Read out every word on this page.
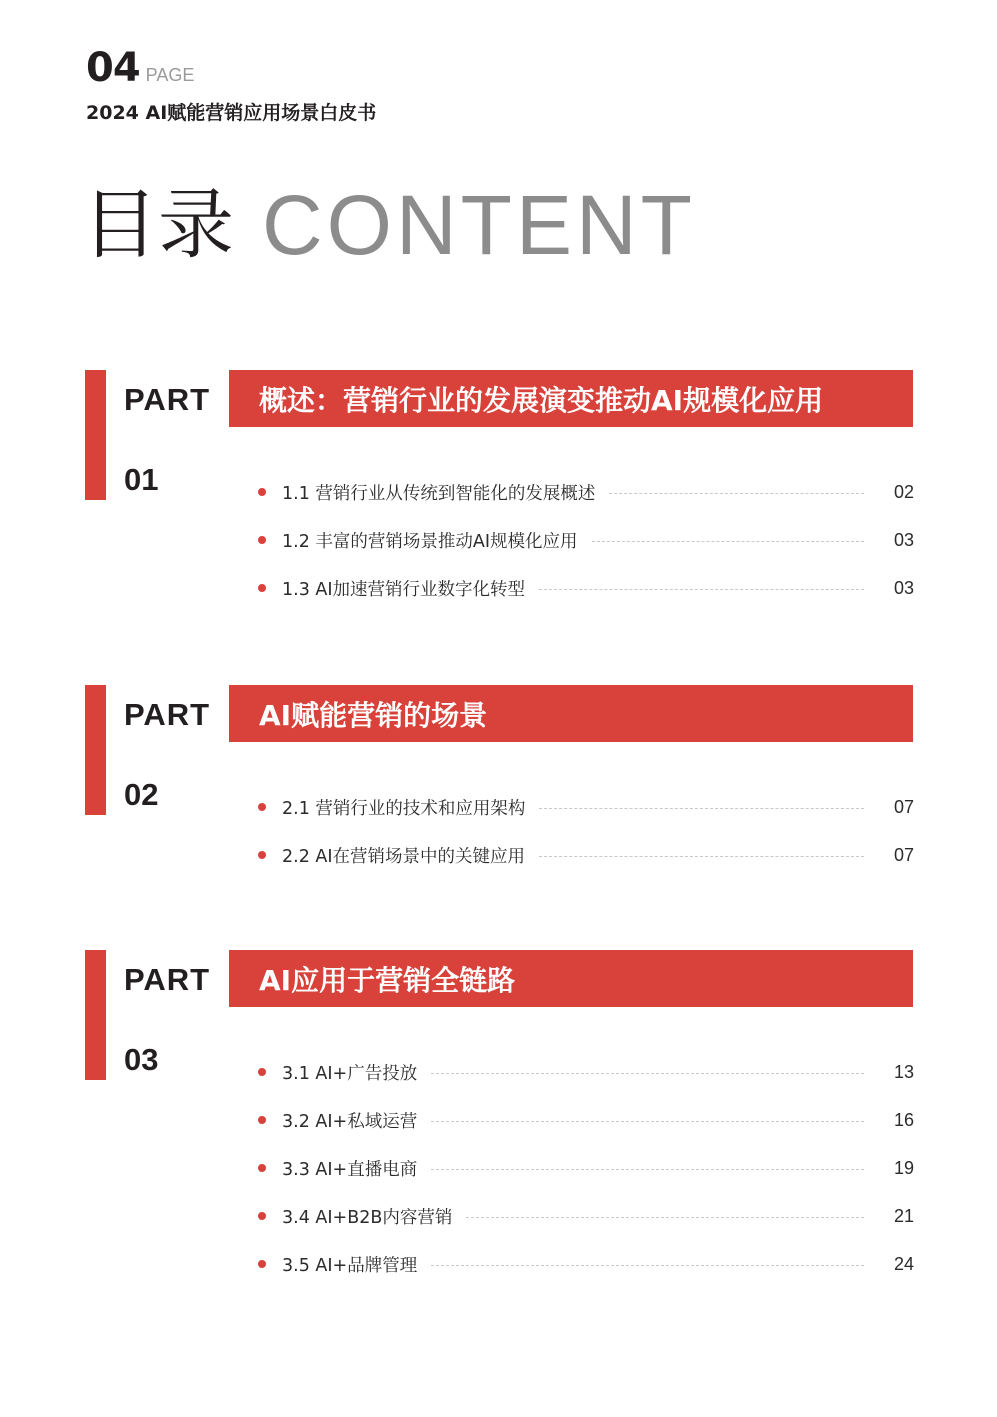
04 PAGE
2024 AI赋能营销应用场景白皮书
目录 CONTENT
PART
01
概述：营销行业的发展演变推动AI规模化应用
1.1 营销行业从传统到智能化的发展概述	02
1.2 丰富的营销场景推动AI规模化应用	03
1.3 AI加速营销行业数字化转型	03
PART
02
AI赋能营销的场景
2.1 营销行业的技术和应用架构	07
2.2 AI在营销场景中的关键应用	07
PART
03
AI应用于营销全链路
3.1 AI+广告投放	13
3.2 AI+私域运营	16
3.3 AI+直播电商	19
3.4 AI+B2B内容营销	21
3.5 AI+品牌管理	24
